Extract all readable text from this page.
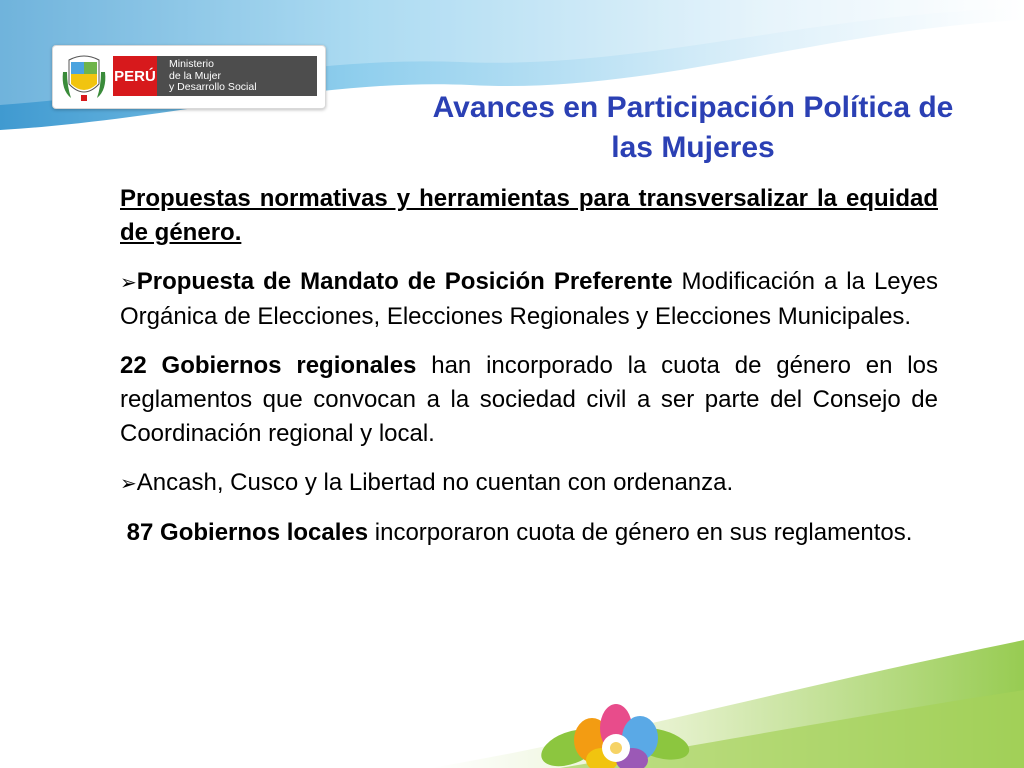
PERÚ
Ministerio
de la Mujer
y Desarrollo Social
Avances en Participación Política de
las Mujeres

Propuestas normativas y herramientas para transversalizar la equidad de género.

➢Propuesta de Mandato de Posición Preferente Modificación a la Leyes Orgánica de Elecciones, Elecciones Regionales y Elecciones Municipales.

22 Gobiernos regionales han incorporado la cuota de género en los reglamentos que convocan a la sociedad civil a ser parte del Consejo de Coordinación regional y local.

➢Ancash, Cusco y la Libertad no cuentan con ordenanza.

87 Gobiernos locales incorporaron cuota de género en sus reglamentos.
